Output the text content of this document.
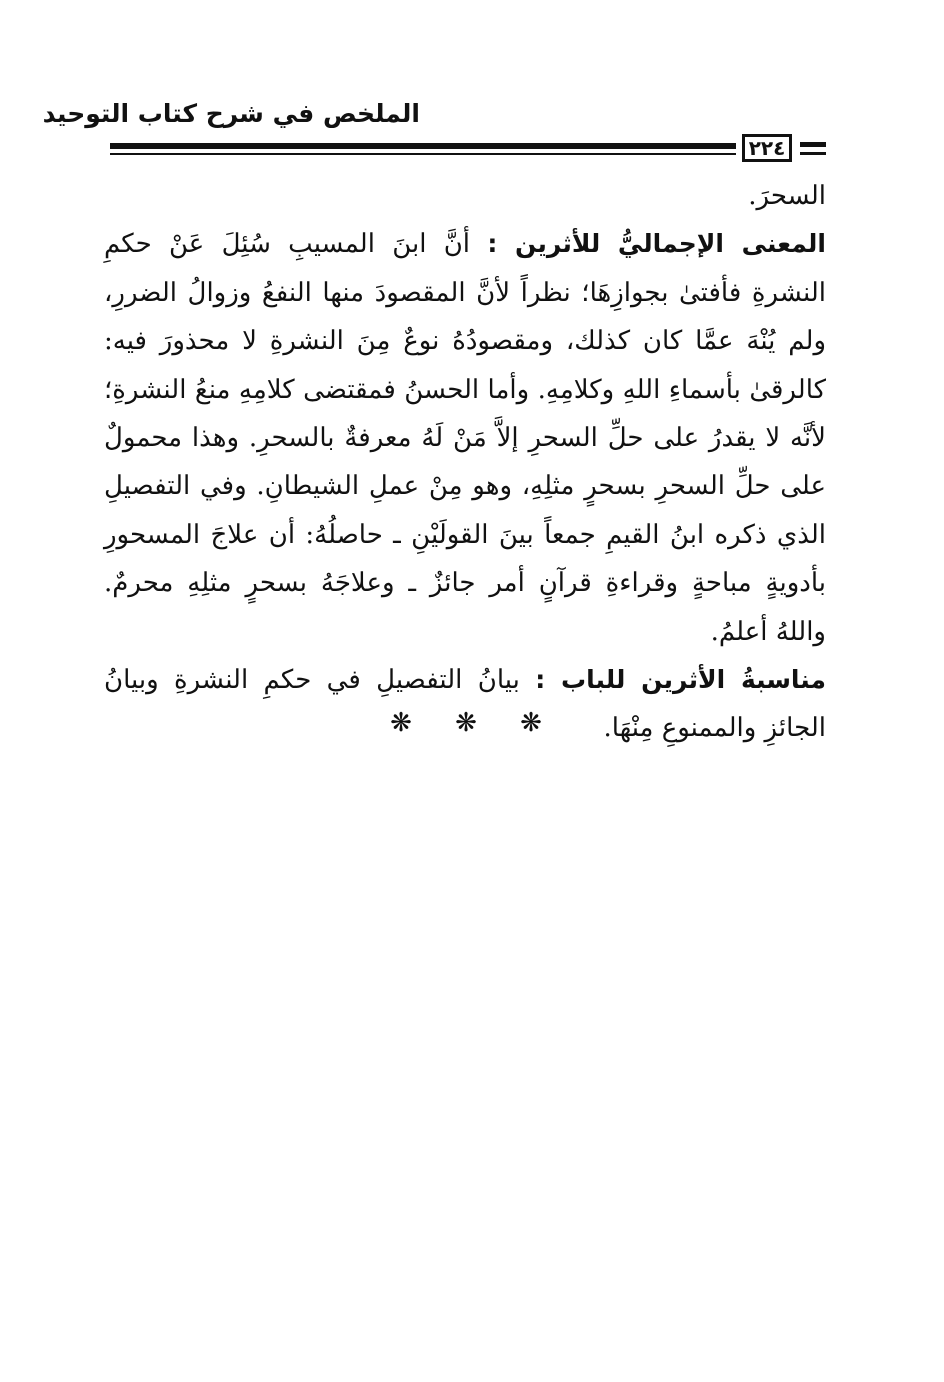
الملخص في شرح كتاب التوحيد
٢٢٤

السحرَ.

المعنى الإجماليُّ للأثرين : أنَّ ابنَ المسيبِ سُئِلَ عَنْ حكمِ النشرةِ فأفتىٰ بجوازِهَا؛ نظراً لأنَّ المقصودَ منها النفعُ وزوالُ الضررِ، ولم يُنْهَ عمَّا كان كذلك، ومقصودُهُ نوعٌ مِنَ النشرةِ لا محذورَ فيه: كالرقىٰ بأسماءِ اللهِ وكلامِهِ. وأما الحسنُ فمقتضى كلامِهِ منعُ النشرةِ؛ لأنَّه لا يقدرُ على حلِّ السحرِ إلاَّ مَنْ لَهُ معرفةٌ بالسحرِ. وهذا محمولٌ على حلِّ السحرِ بسحرٍ مثلِهِ، وهو مِنْ عملِ الشيطانِ. وفي التفصيلِ الذي ذكره ابنُ القيمِ جمعاً بينَ القولَيْنِ ـ حاصلُهُ: أن علاجَ المسحورِ بأدويةٍ مباحةٍ وقراءةِ قرآنٍ أمر جائزٌ ـ وعلاجَهُ بسحرٍ مثلِهِ محرمٌ. واللهُ أعلمُ.

مناسبةُ الأثرين للباب : بيانُ التفصيلِ في حكمِ النشرةِ وبيانُ الجائزِ والممنوعِ مِنْهَا.

❋ ❋ ❋
